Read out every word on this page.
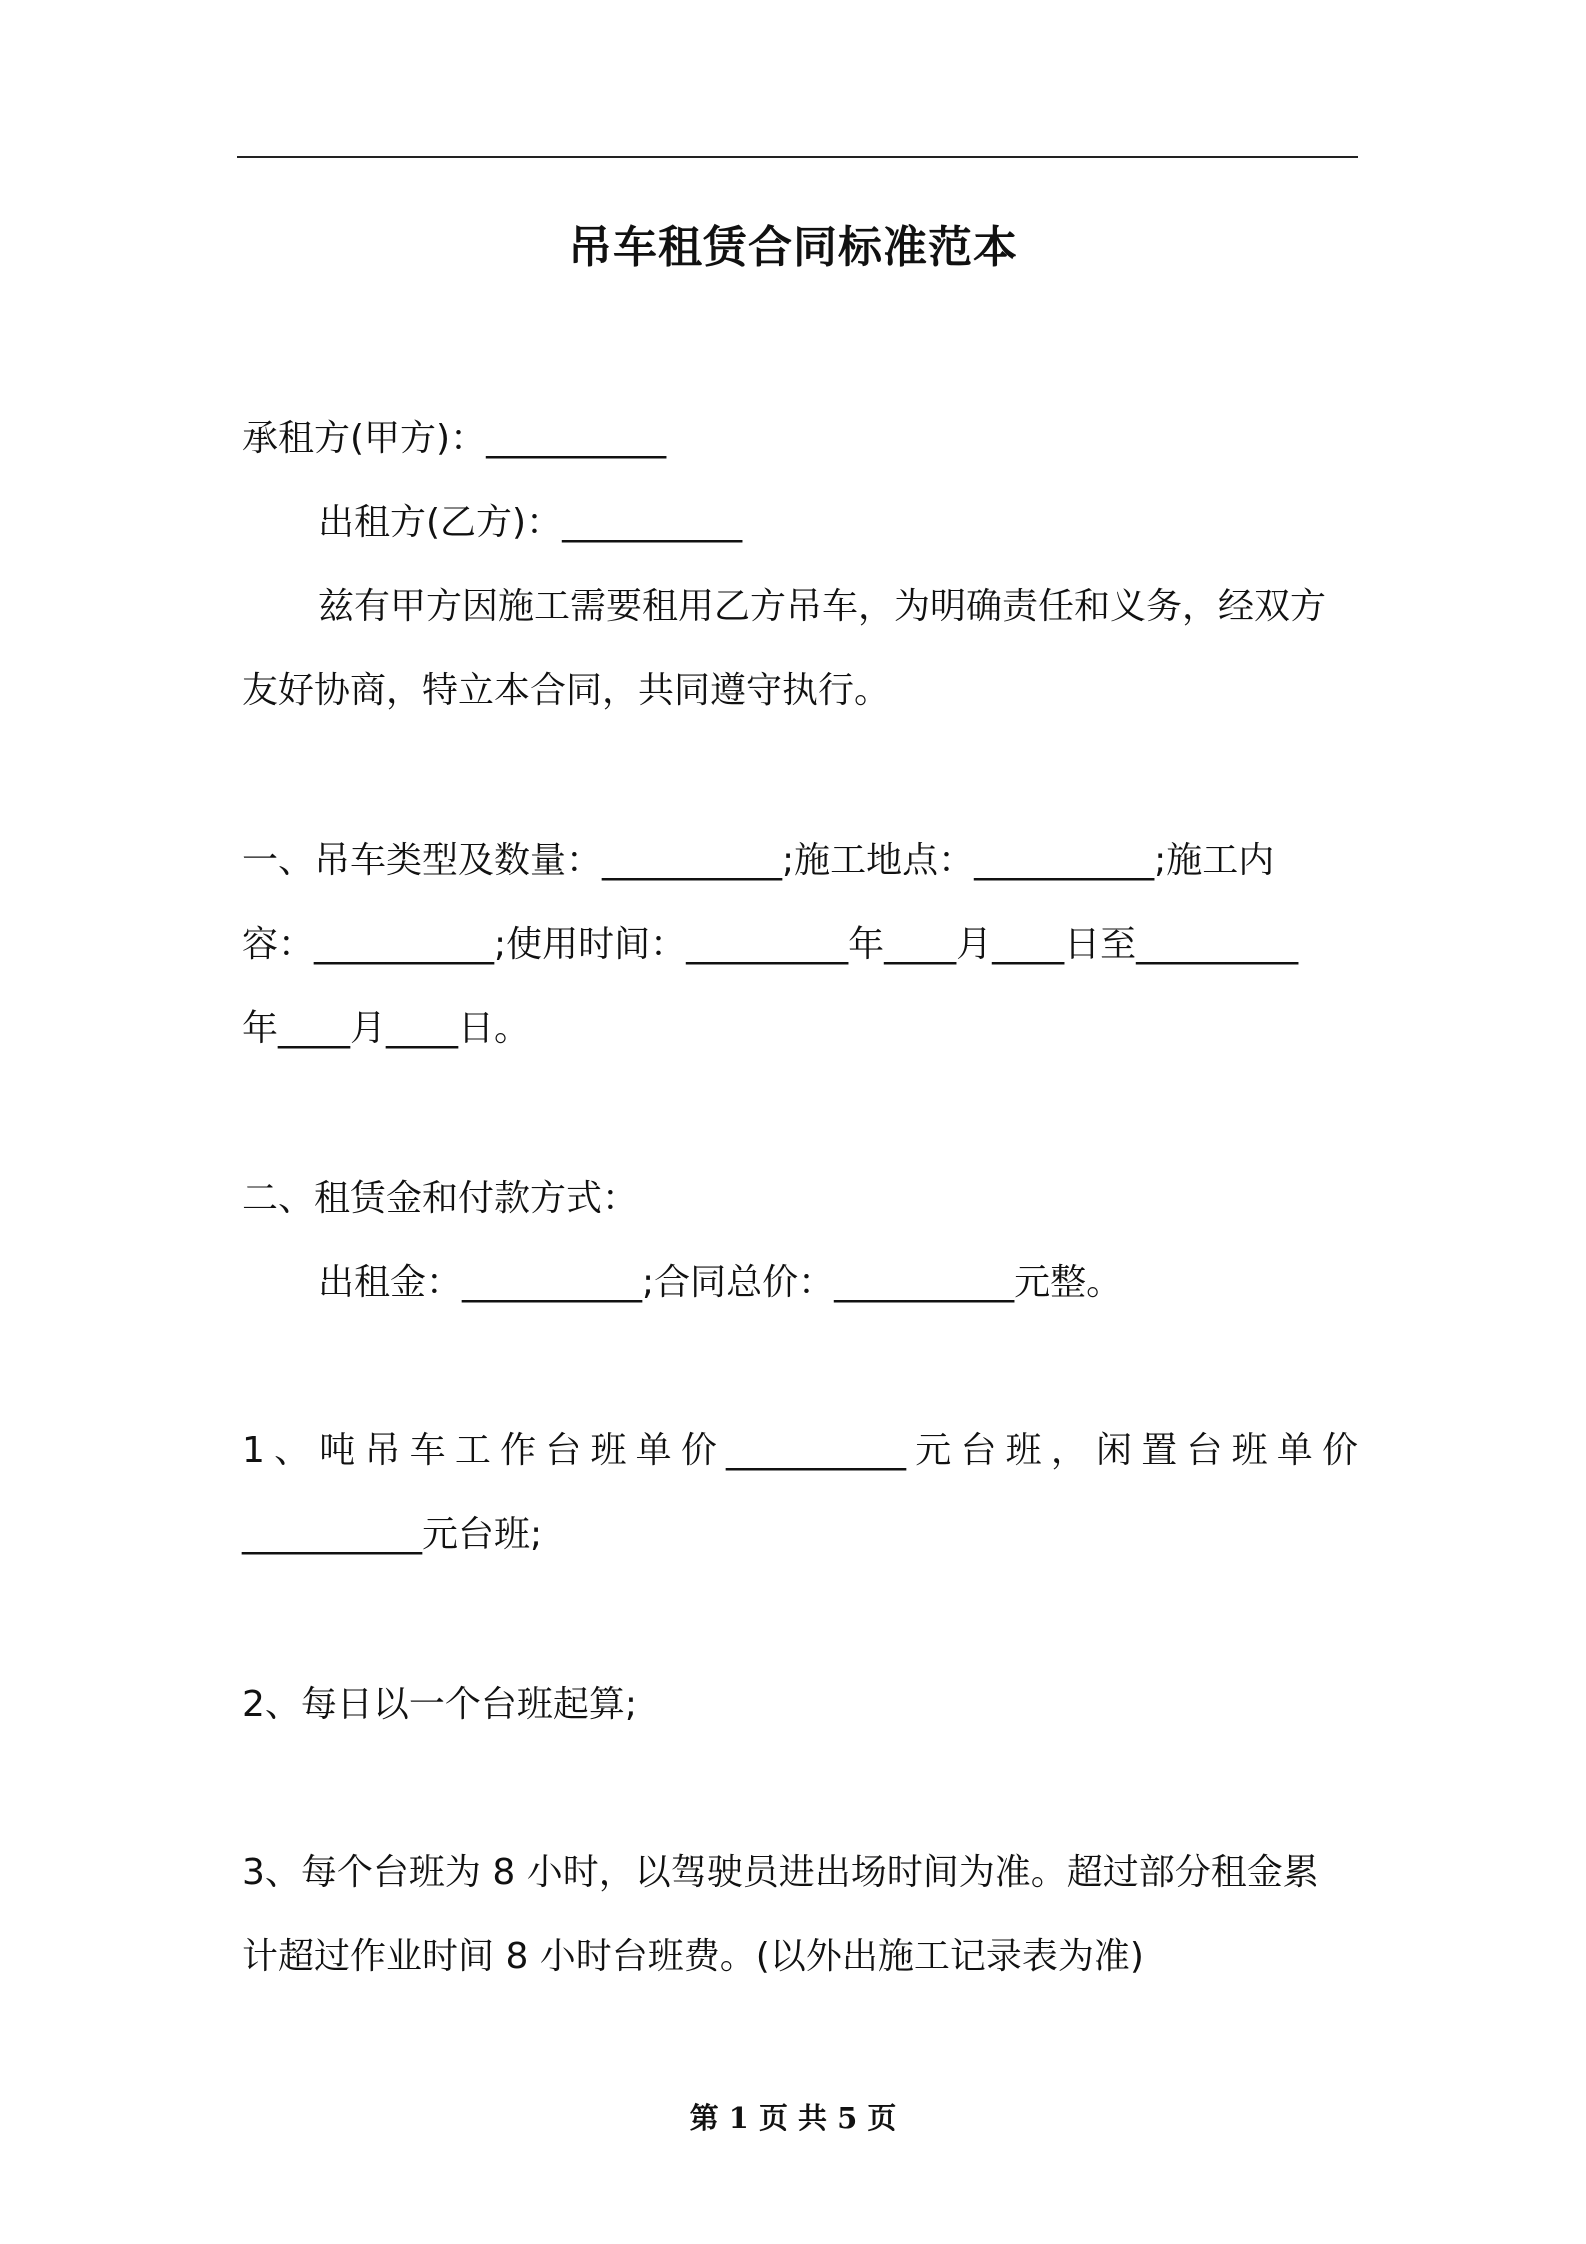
吊车租赁合同标准范本
承租方(甲方)：__________
出租方(乙方)：__________
兹有甲方因施工需要租用乙方吊车，为明确责任和义务，经双方
友好协商，特立本合同，共同遵守执行。
一、吊车类型及数量：__________;施工地点：__________;施工内
容：__________;使用时间：_________年____月____日至_________
年____月____日。
二、租赁金和付款方式：
出租金：__________;合同总价：__________元整。
1、吨吊车工作台班单价__________元台班，闲置台班单价
__________元台班;
2、每日以一个台班起算;
3、每个台班为 8 小时，以驾驶员进出场时间为准。超过部分租金累
计超过作业时间 8 小时台班费。(以外出施工记录表为准)
第 1 页 共 5 页
